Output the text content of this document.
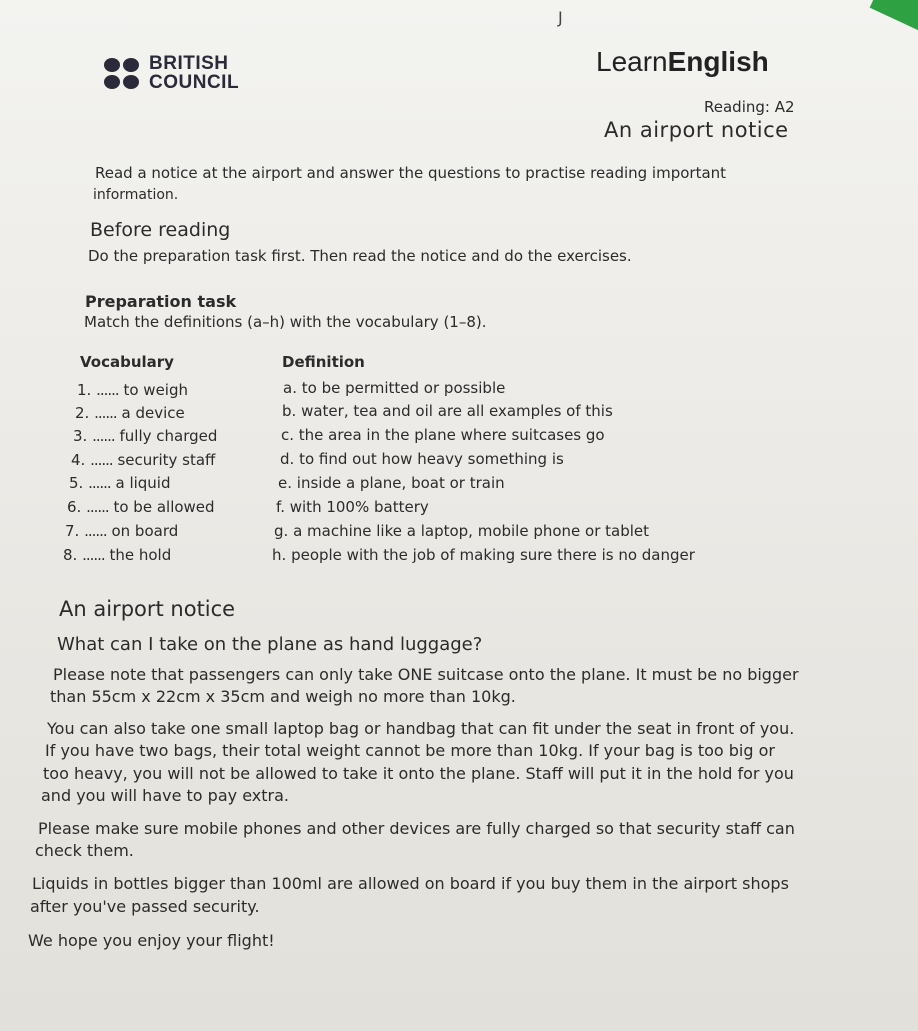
J
BRITISH
COUNCIL
LearnEnglish
Reading: A2
An airport notice
Read a notice at the airport and answer the questions to practise reading important
information.
Before reading
Do the preparation task first. Then read the notice and do the exercises.
Preparation task
Match the definitions (a–h) with the vocabulary (1–8).
Vocabulary	Definition
1. ...... to weigh
2. ...... a device
3. ...... fully charged
4. ...... security staff
5. ...... a liquid
6. ...... to be allowed
7. ...... on board
8. ...... the hold
a. to be permitted or possible
b. water, tea and oil are all examples of this
c. the area in the plane where suitcases go
d. to find out how heavy something is
e. inside a plane, boat or train
f. with 100% battery
g. a machine like a laptop, mobile phone or tablet
h. people with the job of making sure there is no danger
An airport notice
What can I take on the plane as hand luggage?
Please note that passengers can only take ONE suitcase onto the plane. It must be no bigger
than 55cm x 22cm x 35cm and weigh no more than 10kg.
You can also take one small laptop bag or handbag that can fit under the seat in front of you.
If you have two bags, their total weight cannot be more than 10kg. If your bag is too big or
too heavy, you will not be allowed to take it onto the plane. Staff will put it in the hold for you
and you will have to pay extra.
Please make sure mobile phones and other devices are fully charged so that security staff can
check them.
Liquids in bottles bigger than 100ml are allowed on board if you buy them in the airport shops
after you've passed security.
We hope you enjoy your flight!
